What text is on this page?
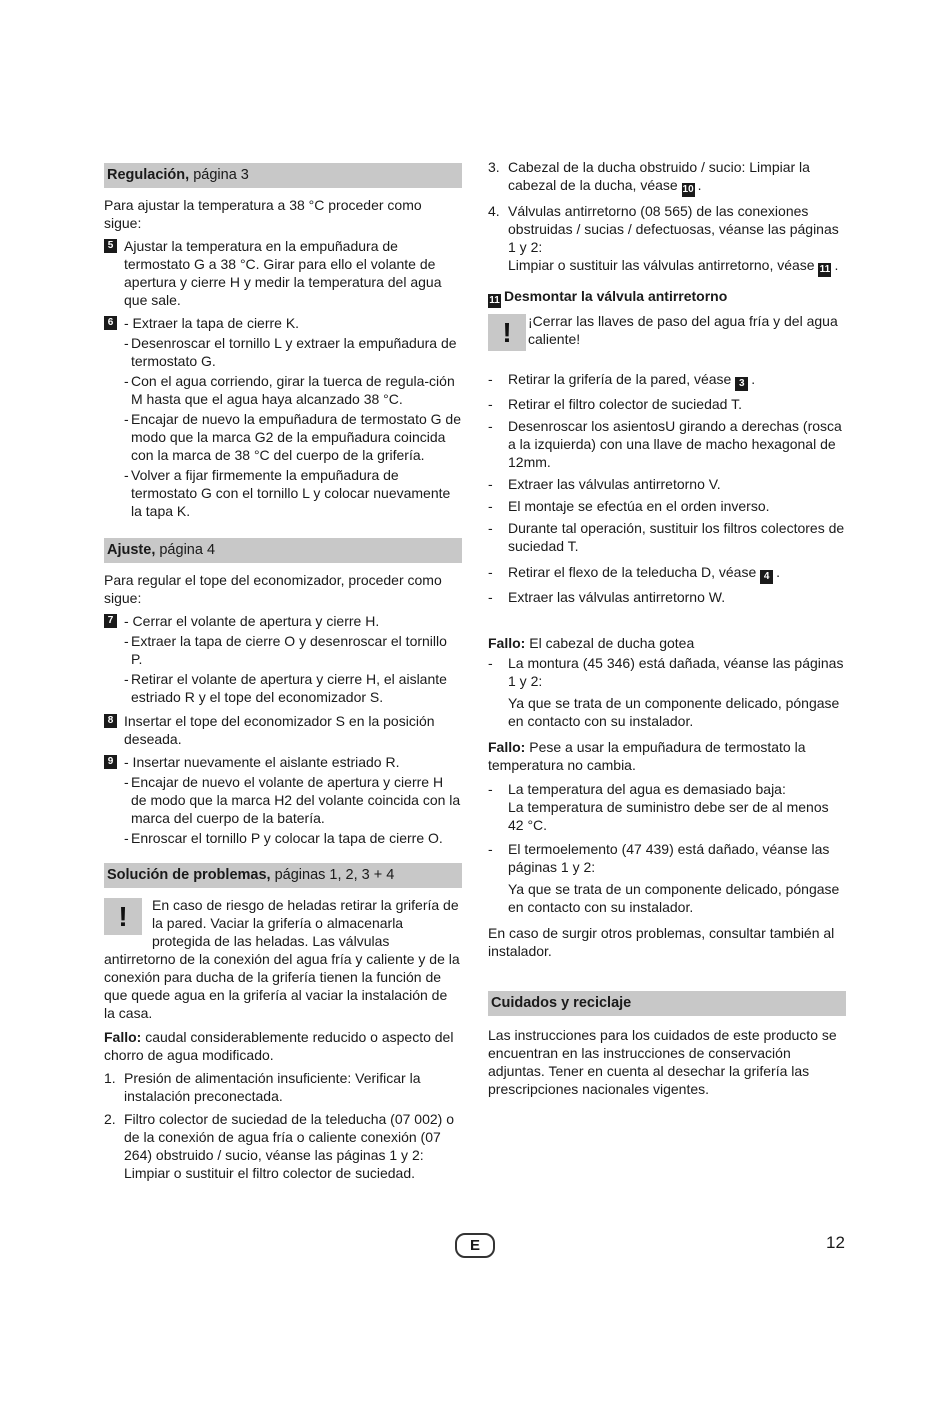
Regulación, página 3

Para ajustar la temperatura a 38 °C proceder como sigue:

5 Ajustar la temperatura en la empuñadura de termostato G a 38 °C. Girar para ello el volante de apertura y cierre H y medir la temperatura del agua que sale.
6 - Extraer la tapa de cierre K.
- Desenroscar el tornillo L y extraer la empuñadura de termostato G.
- Con el agua corriendo, girar la tuerca de regula-ción M hasta que el agua haya alcanzado 38 °C.
- Encajar de nuevo la empuñadura de termostato G de modo que la marca G2 de la empuñadura coincida con la marca de 38 °C del cuerpo de la grifería.
- Volver a fijar firmemente la empuñadura de termostato G con el tornillo L y colocar nuevamente la tapa K.
Ajuste, página 4

Para regular el tope del economizador, proceder como sigue:

7 - Cerrar el volante de apertura y cierre H.
- Extraer la tapa de cierre O y desenroscar el tornillo P.
- Retirar el volante de apertura y cierre H, el aislante estriado R y el tope del economizador S.
8 Insertar el tope del economizador S en la posición deseada.
9 - Insertar nuevamente el aislante estriado R.
- Encajar de nuevo el volante de apertura y cierre H de modo que la marca H2 del volante coincida con la marca del cuerpo de la batería.
- Enroscar el tornillo P y colocar la tapa de cierre O.
Solución de problemas, páginas 1, 2, 3 + 4
!	En caso de riesgo de heladas retirar la grifería de la pared. Vaciar la grifería o almacenarla protegida de las heladas. Las válvulas antirretorno de la conexión del agua fría y caliente y de la conexión para ducha de la grifería tienen la función de que quede agua en la grifería al vaciar la instalación de la casa.

Fallo: caudal considerablemente reducido o aspecto del chorro de agua modificado.

1. Presión de alimentación insuficiente: Verificar la instalación preconectada.
2. Filtro colector de suciedad de la teleducha (07 002) o de la conexión de agua fría o caliente conexión (07 264) obstruido / sucio, véanse las páginas 1 y 2: Limpiar o sustituir el filtro colector de suciedad.
3. Cabezal de la ducha obstruido / sucio: Limpiar la cabezal de la ducha, véase 10 .
4. Válvulas antirretorno (08 565) de las conexiones obstruidas / sucias / defectuosas, véanse las páginas 1 y 2:
Limpiar o sustituir las válvulas antirretorno, véase 11 .
11 Desmontar la válvula antirretorno
!	¡Cerrar las llaves de paso del agua fría y del agua caliente!
- Retirar la grifería de la pared, véase 3 .
- Retirar el filtro colector de suciedad T.
- Desenroscar los asientosU girando a derechas (rosca a la izquierda) con una llave de macho hexagonal de 12mm.
- Extraer las válvulas antirretorno V.
- El montaje se efectúa en el orden inverso.
- Durante tal operación, sustituir los filtros colectores de suciedad T.
- Retirar el flexo de la teleducha D, véase 4 .
- Extraer las válvulas antirretorno W.

Fallo: El cabezal de ducha gotea

- La montura (45 346) está dañada, véanse las páginas 1 y 2:

Ya que se trata de un componente delicado, póngase en contacto con su instalador.

Fallo: Pese a usar la empuñadura de termostato la temperatura no cambia.

- La temperatura del agua es demasiado baja:
La temperatura de suministro debe ser de al menos 42 °C.
- El termoelemento (47 439) está dañado, véanse las páginas 1 y 2:

Ya que se trata de un componente delicado, póngase en contacto con su instalador.

En caso de surgir otros problemas, consultar también al instalador.

Cuidados y reciclaje

Las instrucciones para los cuidados de este producto se encuentran en las instrucciones de conservación adjuntas. Tener en cuenta al desechar la grifería las prescripciones nacionales vigentes.

E	12
